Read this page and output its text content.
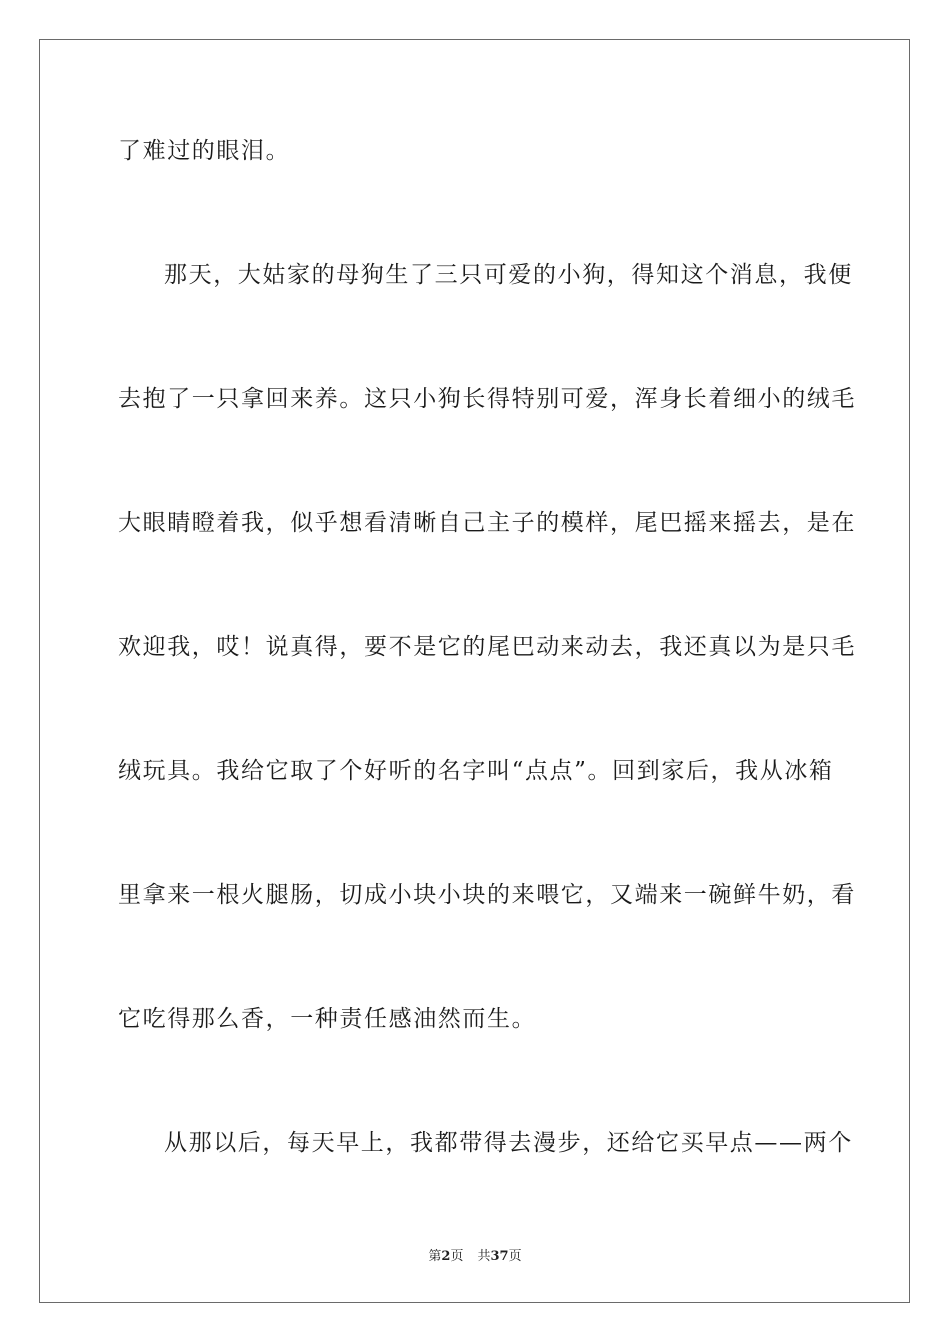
了难过的眼泪。
那天，大姑家的母狗生了三只可爱的小狗，得知这个消息，我便
去抱了一只拿回来养。这只小狗长得特别可爱，浑身长着细小的绒毛
大眼睛瞪着我，似乎想看清晰自己主子的模样，尾巴摇来摇去，是在
欢迎我，哎！说真得，要不是它的尾巴动来动去，我还真以为是只毛
绒玩具。我给它取了个好听的名字叫“点点”。回到家后，我从冰箱
里拿来一根火腿肠，切成小块小块的来喂它，又端来一碗鲜牛奶，看
它吃得那么香，一种责任感油然而生。
从那以后，每天早上，我都带得去漫步，还给它买早点——两个
第2页 共37页
